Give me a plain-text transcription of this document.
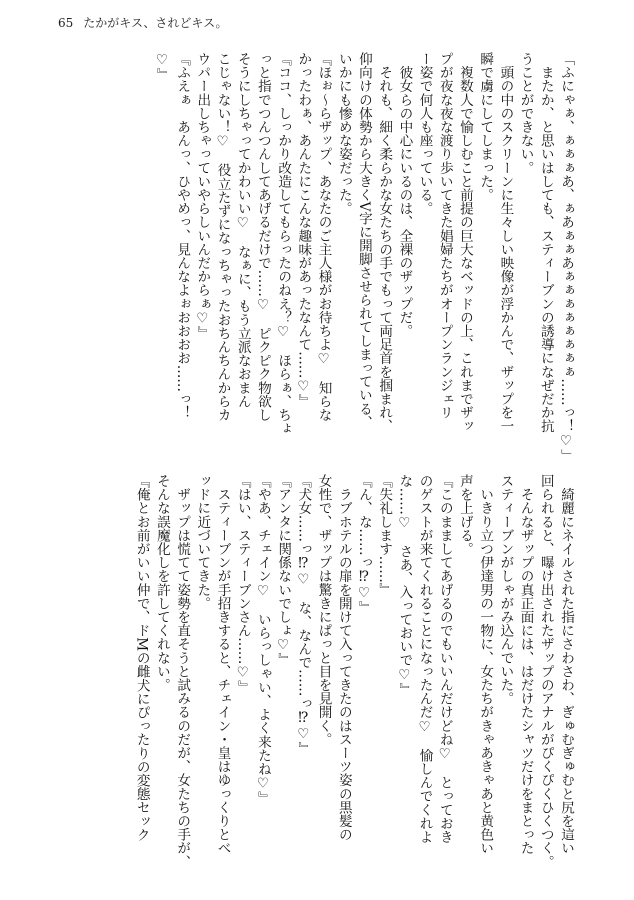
65 たかがキス、されどキス。
「ふにゃぁ、ぁぁぁあ、ぁあぁぁあぁぁぁぁぁぁぁぁ……っ！♡」
　またか、と思いはしても、スティーブンの誘導になぜだか抗
うことができない。
　頭の中のスクリーンに生々しい映像が浮かんで、ザップを一
瞬で虜にしてしまった。
　複数人で愉しむこと前提の巨大なベッドの上、これまでザッ
プが夜な夜な渡り歩いてきた娼婦たちがオープンランジェリ
ー姿で何人も座っている。
　彼女らの中心にいるのは、全裸のザップだ。
　それも、細く柔らかな女たちの手でもって両足首を掴まれ、
仰向けの体勢から大きくV字に開脚させられてしまっている、
いかにも惨めな姿だった。
『ほぉ～らザップ、あなたのご主人様がお待ちよ♡　知らな
かったわぁ、あんたにこんな趣味があったなんて……♡』
『ココ、しっかり改造してもらったのねえ？♡　ほらぁ、ちょ
っと指でつんつんしてあげるだけで……♡　ピクピク物欲し
そうにしちゃってかわいい♡　なぁに、もう立派なおまん
こじゃない！♡　役立たずになっちゃったおちんちんからカ
ウパー出しちゃっていやらしいんだからぁ♡』
『ふえぁ　あんっ、ひやめっ、見んなよぉおおおお……っ！
♡』
　綺麗にネイルされた指にさわさわ、ぎゅむぎゅむと尻を這い
回られると、曝け出されたザップのアナルがぴくぴくひくつく。
　そんなザップの真正面には、はだけたシャツだけをまとった
スティーブンがしゃがみ込んでいた。
　いきり立つ伊達男の一物に、女たちがきゃあきゃあと黄色い
声を上げる。
『このまましてあげるのでもいいんだけどね♡　とっておき
のゲストが来てくれることになったんだ♡　愉しんでくれよ
な……♡　さあ、入っておいで♡』
『失礼します……』
『ん、な……っ⁉♡』
　ラブホテルの扉を開けて入ってきたのはスーツ姿の黒髪の
女性で、ザップは驚きにぱっと目を見開く。
『犬女……っ⁉♡　な、なんで……っ⁉♡』
『アンタに関係ないでしょ♡』
『やあ、チェイン♡　いらっしゃい、よく来たね♡』
『はい、スティーブンさん……♡』
　スティーブンが手招きすると、チェイン・皇はゆっくりとべ
ッドに近づいてきた。
　ザップは慌てて姿勢を直そうと試みるのだが、女たちの手が、
そんな誤魔化しを許してくれない。
『俺とお前がいい仲で、ドMの雌犬にぴったりの変態セック
